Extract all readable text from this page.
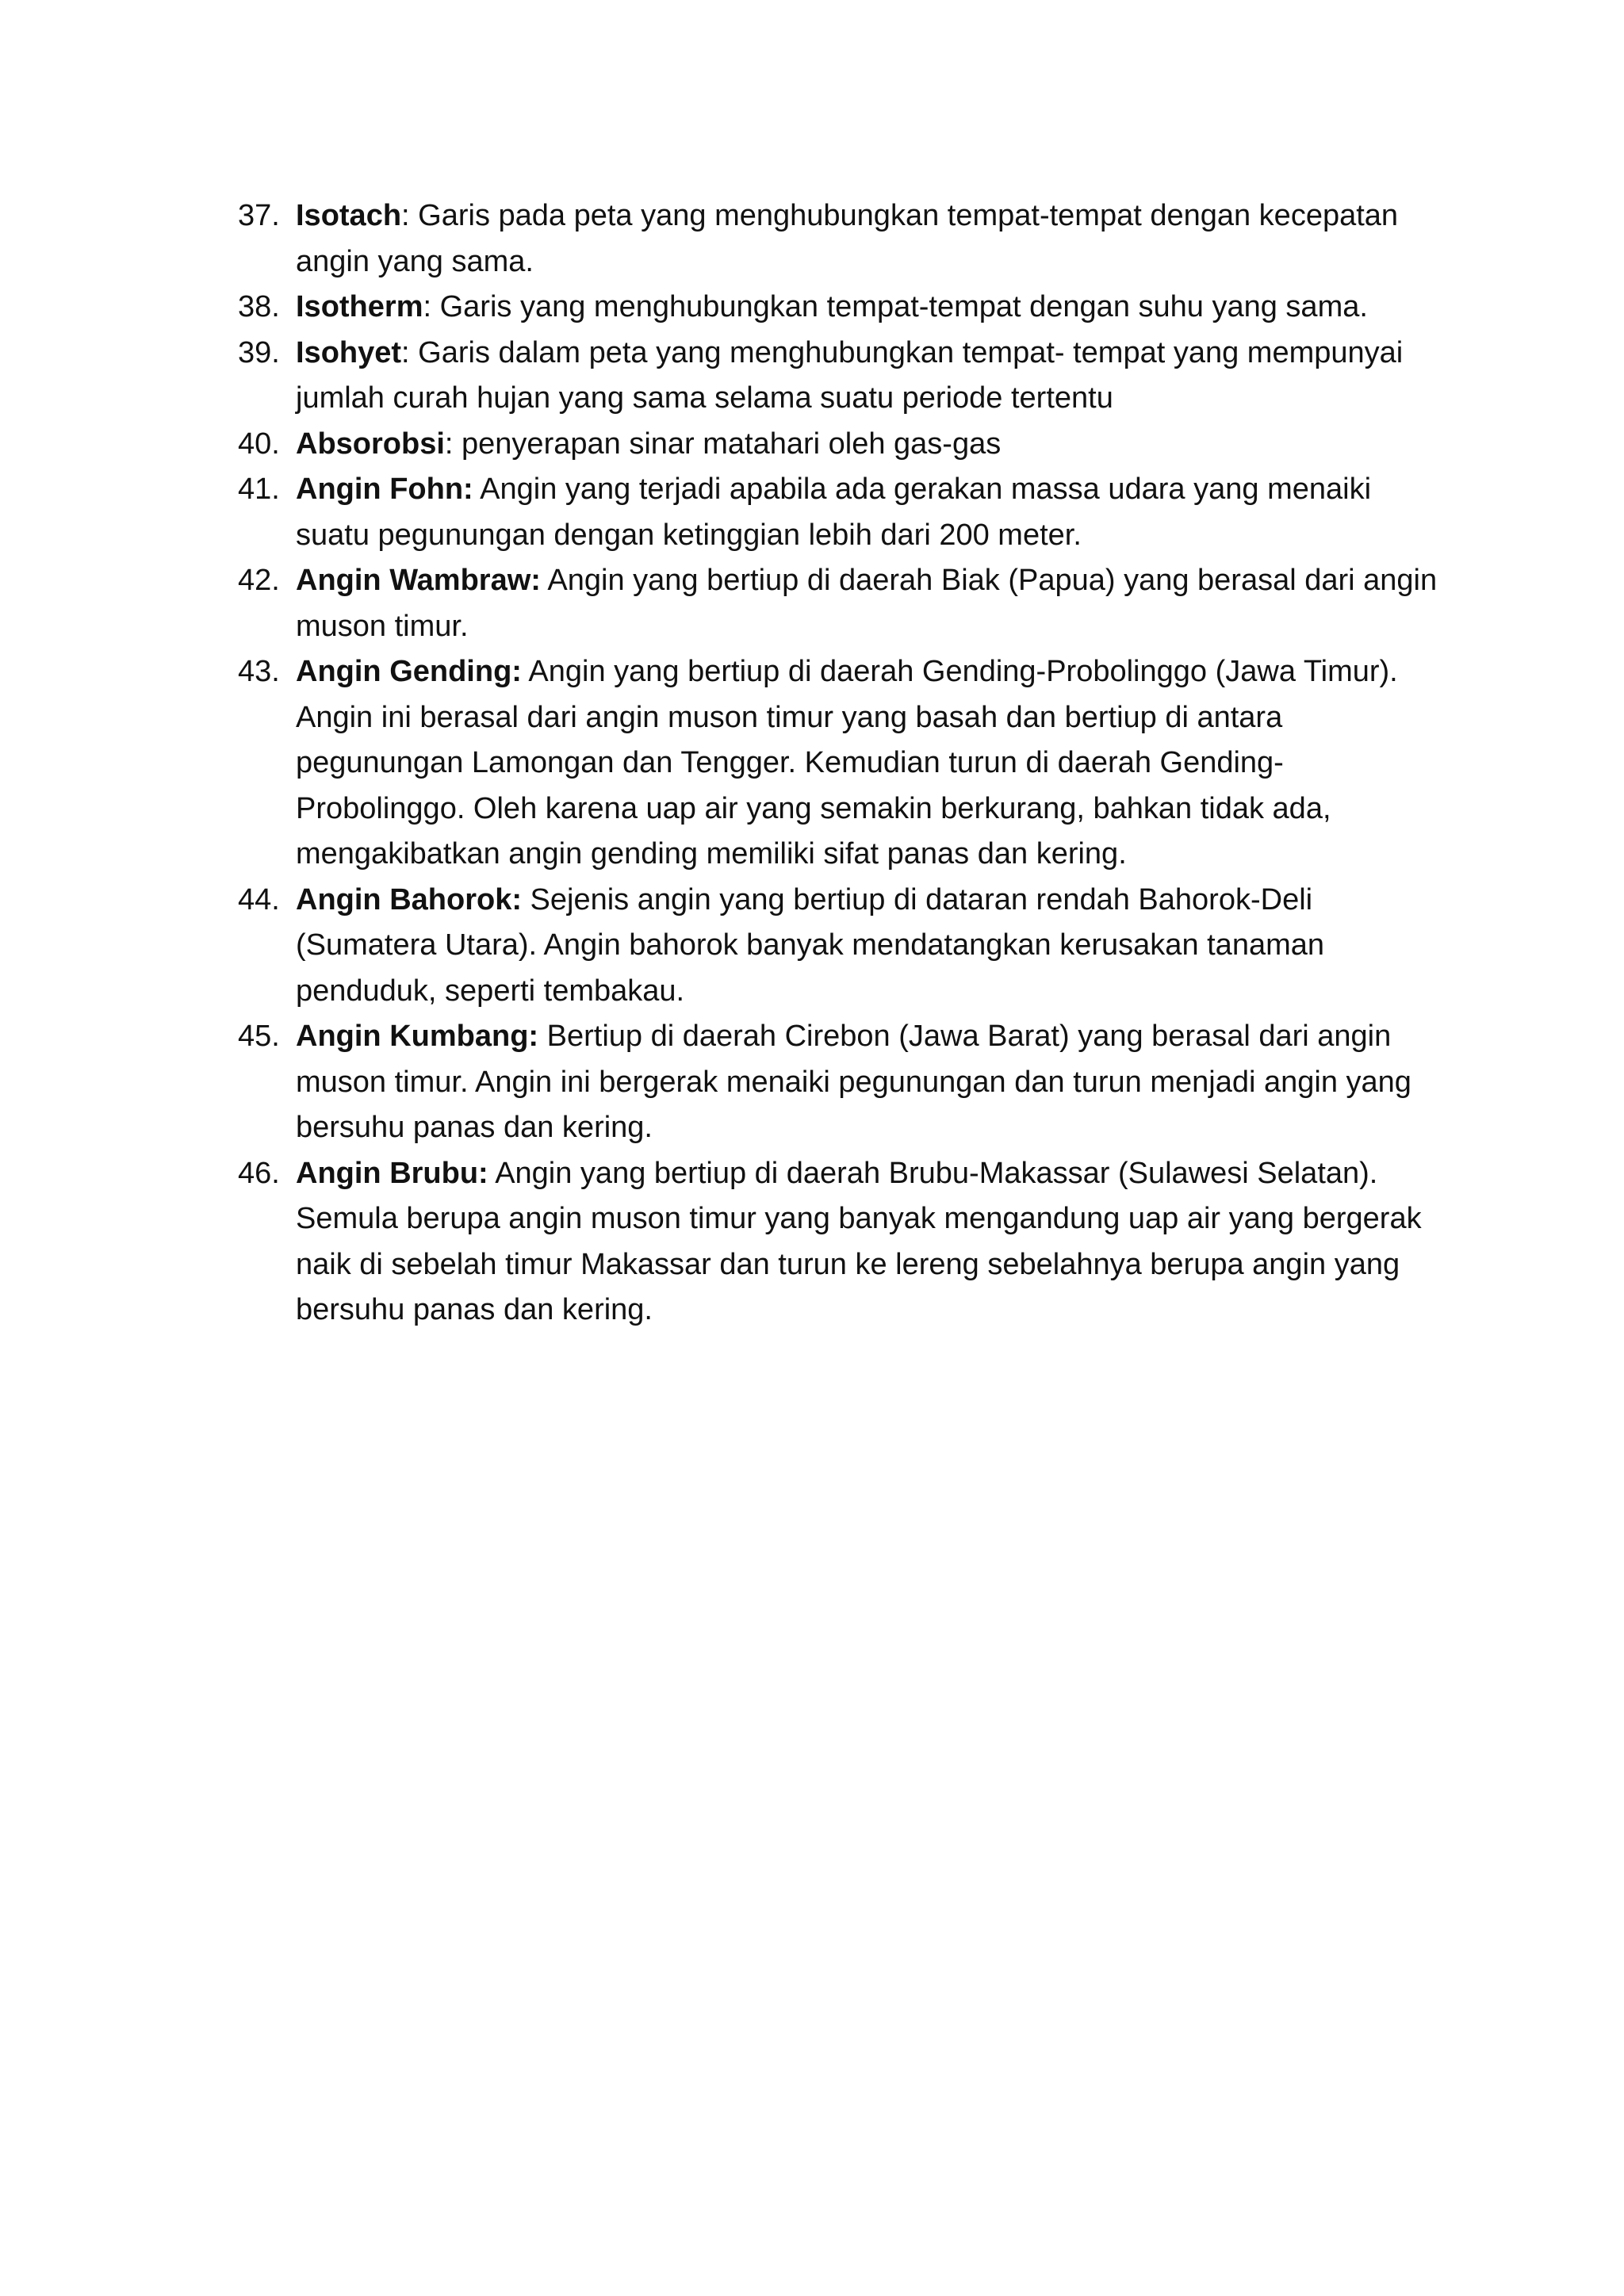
37. Isotach: Garis pada peta yang menghubungkan tempat-tempat dengan kecepatan angin yang sama.
38. Isotherm: Garis yang menghubungkan tempat-tempat dengan suhu yang sama.
39. Isohyet: Garis dalam peta yang menghubungkan tempat- tempat yang mempunyai jumlah curah hujan yang sama selama suatu periode tertentu
40. Absorobsi: penyerapan sinar matahari oleh gas-gas
41. Angin Fohn: Angin yang terjadi apabila ada gerakan massa udara yang menaiki suatu pegunungan dengan ketinggian lebih dari 200 meter.
42. Angin Wambraw: Angin yang bertiup di daerah Biak (Papua) yang berasal dari angin muson timur.
43. Angin Gending: Angin yang bertiup di daerah Gending-Probolinggo (Jawa Timur). Angin ini berasal dari angin muson timur yang basah dan bertiup di antara pegunungan Lamongan dan Tengger. Kemudian turun di daerah Gending-Probolinggo. Oleh karena uap air yang semakin berkurang, bahkan tidak ada, mengakibatkan angin gending memiliki sifat panas dan kering.
44. Angin Bahorok: Sejenis angin yang bertiup di dataran rendah Bahorok-Deli (Sumatera Utara). Angin bahorok banyak mendatangkan kerusakan tanaman penduduk, seperti tembakau.
45. Angin Kumbang: Bertiup di daerah Cirebon (Jawa Barat) yang berasal dari angin muson timur. Angin ini bergerak menaiki pegunungan dan turun menjadi angin yang bersuhu panas dan kering.
46. Angin Brubu: Angin yang bertiup di daerah Brubu-Makassar (Sulawesi Selatan). Semula berupa angin muson timur yang banyak mengandung uap air yang bergerak naik di sebelah timur Makassar dan turun ke lereng sebelahnya berupa angin yang bersuhu panas dan kering.
